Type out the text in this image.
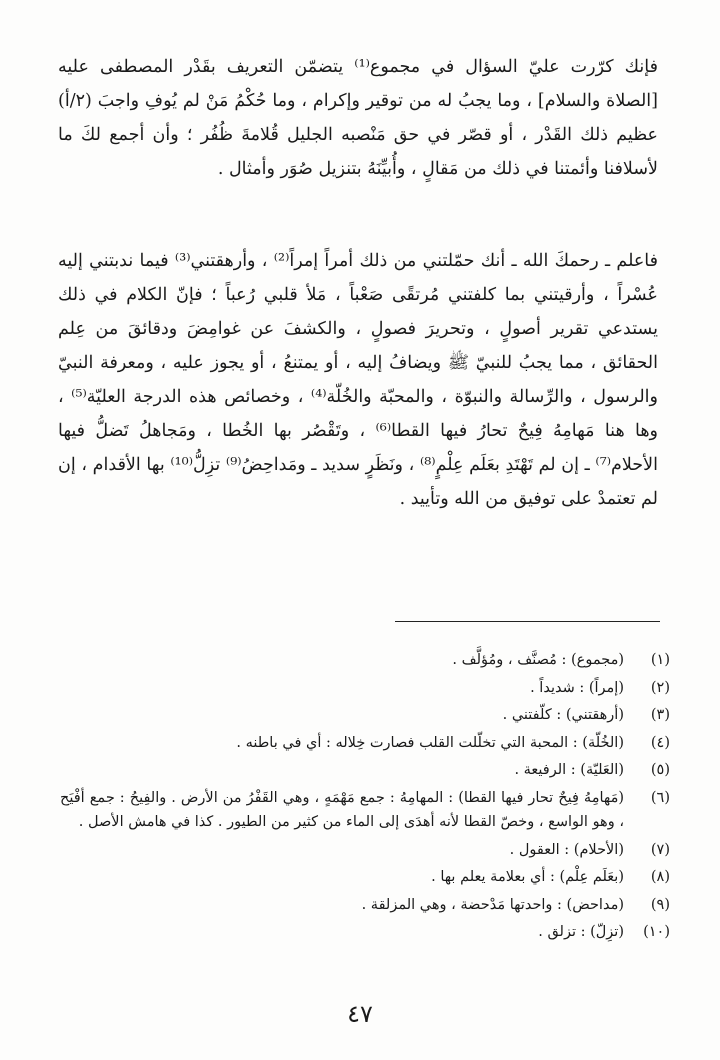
فإنك كرّرت عليّ السؤال في مجموع⁽¹⁾ يتضمّن التعريف بقَدْر المصطفى عليه [الصلاة والسلام] ، وما يجبُ له من توقير وإكرام ، وما حُكْمُ مَنْ لم يُوفِ واجبَ (٢/أ) عظيم ذلك القَدْر ، أو قصّر في حق مَنْصبه الجليل قُلامةَ ظُفُر ؛ وأن أجمع لكَ ما لأسلافنا وأئمتنا في ذلك من مَقالٍ ، وأُبيِّنَهُ بتنزيل صُوَر وأمثال .

فاعلم ـ رحمكَ الله ـ أنك حمّلتني من ذلك أمراً إمراً⁽²⁾ ، وأرهقتني⁽³⁾ فيما ندبتني إليه عُسْراً ، وأرقيتني بما كلفتني مُرتقًى صَعْباً ، مَلأ قلبي رُعباً ؛ فإنّ الكلام في ذلك يستدعي تقرير أصولٍ ، وتحريرَ فصولٍ ، والكشفَ عن غوامِضَ ودقائقَ من عِلم الحقائق ، مما يجبُ للنبيّ ﷺ ويضافُ إليه ، أو يمتنعُ ، أو يجوز عليه ، ومعرفة النبيّ والرسول ، والرِّسالة والنبوّة ، والمحبّة والخُلّة⁽⁴⁾ ، وخصائص هذه الدرجة العليّة⁽⁵⁾ ، وها هنا مَهامِهُ فِيحٌ تحارُ فيها القطا⁽⁶⁾ ، وتَقْصُر بها الخُطا ، ومَجاهلُ تَضلُّ فيها الأحلام⁽⁷⁾ ـ إن لم تَهْتَدِ بعَلَم عِلْمٍ⁽⁸⁾ ، ونَظَرٍ سديد ـ ومَداحِضُ⁽⁹⁾ تزِلُّ⁽¹⁰⁾ بها الأقدام ، إن لم تعتمدْ على توفيق من الله وتأييد .

(١)
(مجموع) : مُصنَّف ، ومُؤلَّف .
(٢)
(إمراً) : شديداً .
(٣)
(أرهقتني) : كلّفتني .
(٤)
(الخُلّة) : المحبة التي تخلّلت القلب فصارت خِلاله : أي في باطنه .
(٥)
(العَليّة) : الرفيعة .
(٦)
(مَهامِهُ فِيحٌ تحار فيها القطا) : المهامِهُ : جمع مَهْمَهٍ ، وهي القَفْرُ من الأرض . والفِيحُ : جمع أفْيَح ، وهو الواسع ، وخصّ القطا لأنه أهدَى إلى الماء من كثير من الطيور . كذا في هامش الأصل .
(٧)
(الأحلام) : العقول .
(٨)
(بعَلَم عِلْم) : أي بعلامة يعلم بها .
(٩)
(مداحض) : واحدتها مَدْحضة ، وهي المزلقة .
(١٠)
(تزِلّ) : تزلق .
٤٧
